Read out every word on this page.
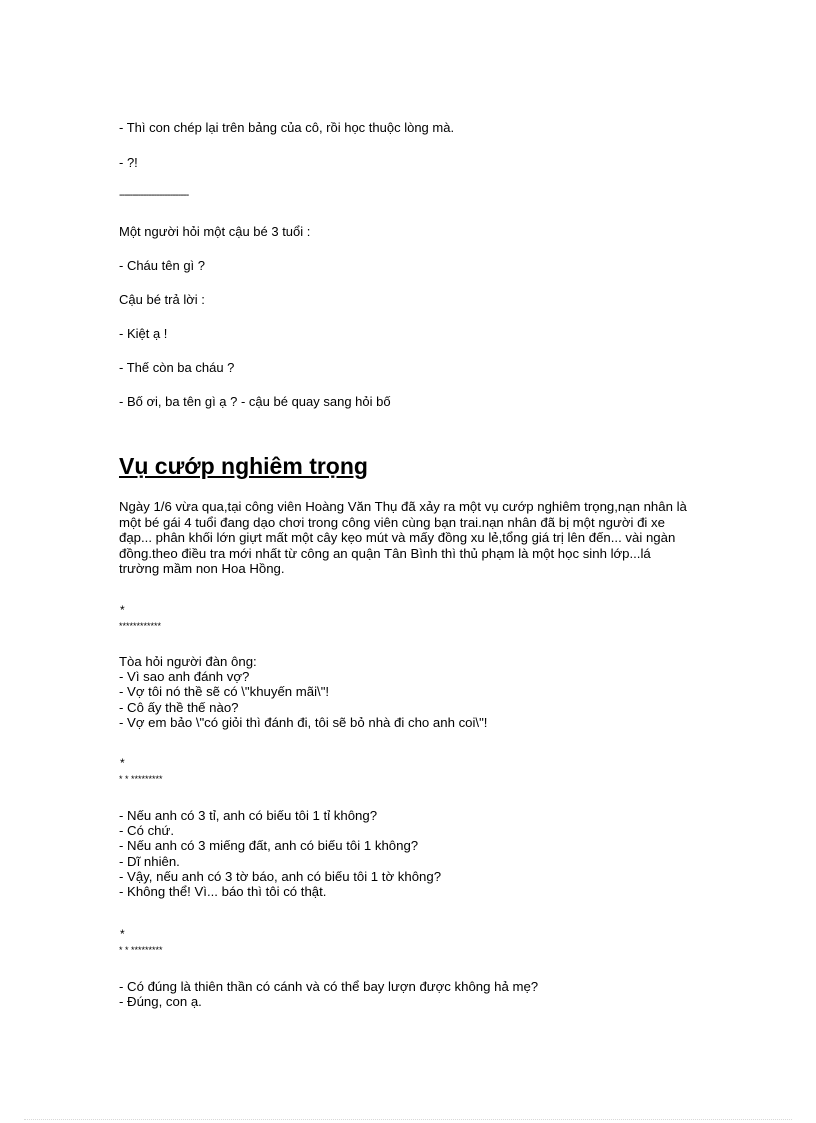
- Thì con chép lại trên bảng của cô, rồi học thuộc lòng mà.

- ?!

--------------------------

Một người hỏi một cậu bé 3 tuổi :

- Cháu tên gì ?

Cậu bé trả lời :

- Kiệt ạ !

- Thế còn ba cháu ?

- Bố ơi, ba tên gì ạ ? - cậu bé quay sang hỏi bố

Vụ cướp nghiêm trọng

Ngày 1/6 vừa qua,tại công viên Hoàng Văn Thụ đã xảy ra một vụ cướp nghiêm trọng,nạn nhân là một bé gái 4 tuổi đang dạo chơi trong công viên cùng bạn trai.nạn nhân đã bị một người đi xe đạp... phân khối lớn giựt mất một cây kẹo mút và mấy đồng xu lẻ,tổng giá trị lên đến... vài ngàn đồng.theo điều tra mới nhất từ công an quận Tân Bình thì thủ phạm là một học sinh lớp...lá trường mầm non Hoa Hồng.

*

************

Tòa hỏi người đàn ông:
- Vì sao anh đánh vợ?
- Vợ tôi nó thề sẽ có \"khuyến mãi\"!
- Cô ấy thề thế nào?
- Vợ em bảo \"có giỏi thì đánh đi, tôi sẽ bỏ nhà đi cho anh coi\"!

*

* * *********

- Nếu anh có 3 tỉ, anh có biếu tôi 1 tỉ không?
- Có chứ.
- Nếu anh có 3 miếng đất, anh có biếu tôi 1 không?
- Dĩ nhiên.
- Vậy, nếu anh có 3 tờ báo, anh có biếu tôi 1 tờ không?
- Không thể! Vì... báo thì tôi có thật.

*

* * *********

- Có đúng là thiên thần có cánh và có thể bay lượn được không hả mẹ?
- Đúng, con ạ.
